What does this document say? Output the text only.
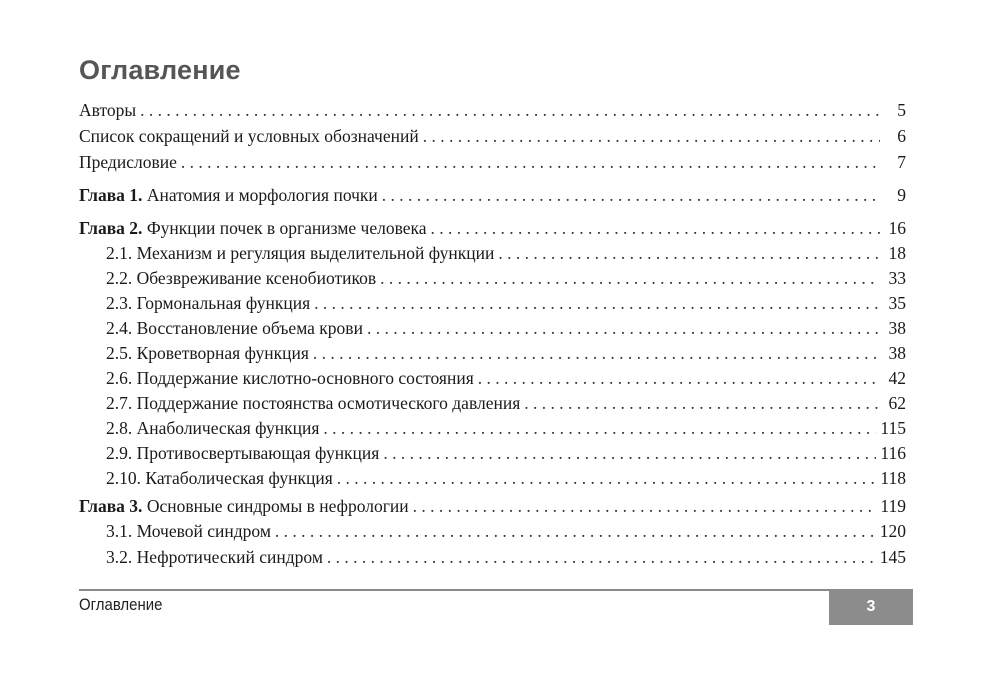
Оглавление
Авторы . . .	5
Список сокращений и условных обозначений . . .	6
Предисловие . . .	7
Глава 1. Анатомия и морфология почки . . .	9
Глава 2. Функции почек в организме человека . . .	16
2.1. Механизм и регуляция выделительной функции . . .	18
2.2. Обезвреживание ксенобиотиков . . .	33
2.3. Гормональная функция . . .	35
2.4. Восстановление объема крови . . .	38
2.5. Кроветворная функция . . .	38
2.6. Поддержание кислотно-основного состояния . . .	42
2.7. Поддержание постоянства осмотического давления . . .	62
2.8. Анаболическая функция . . .	115
2.9. Противосвертывающая функция . . .	116
2.10. Катаболическая функция . . .	118
Глава 3. Основные синдромы в нефрологии . . .	119
3.1. Мочевой синдром . . .	120
3.2. Нефротический синдром . . .	145
Оглавление	3
